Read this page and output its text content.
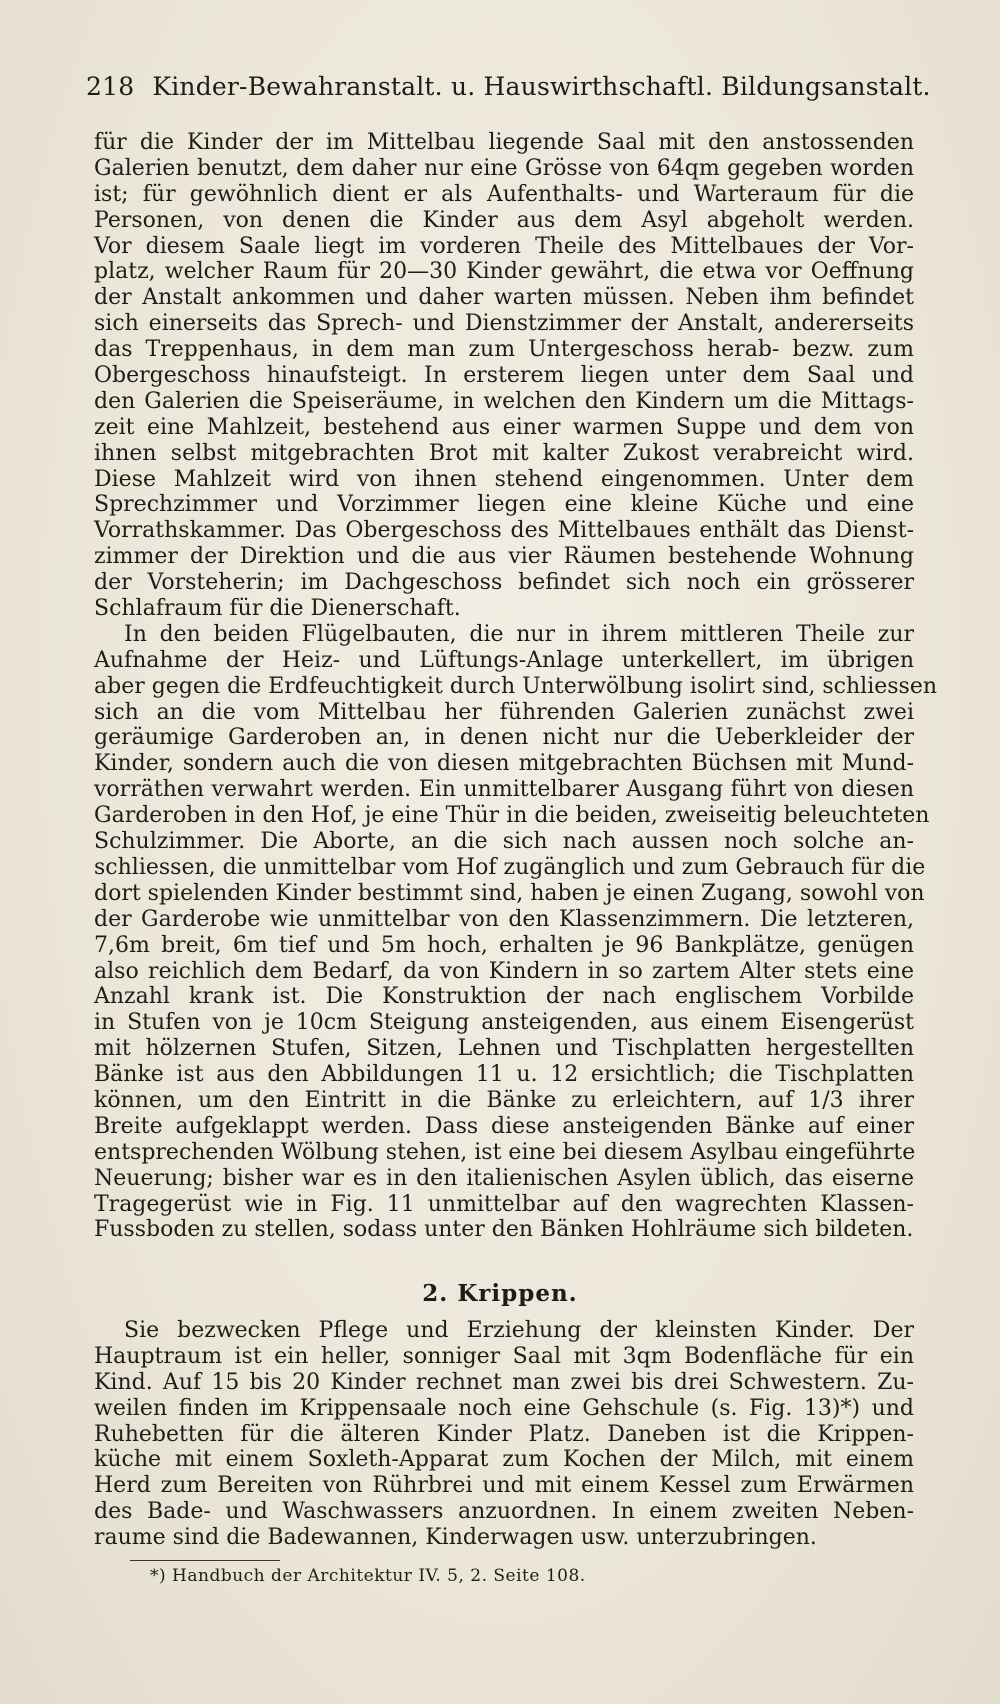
218 Kinder-Bewahranstalt. u. Hauswirthschaftl. Bildungsanstalt.
für die Kinder der im Mittelbau liegende Saal mit den anstossenden
Galerien benutzt, dem daher nur eine Grösse von 64qm gegeben worden
ist; für gewöhnlich dient er als Aufenthalts- und Warteraum für die
Personen, von denen die Kinder aus dem Asyl abgeholt werden.
Vor diesem Saale liegt im vorderen Theile des Mittelbaues der Vor-
platz, welcher Raum für 20—30 Kinder gewährt, die etwa vor Oeffnung
der Anstalt ankommen und daher warten müssen. Neben ihm befindet
sich einerseits das Sprech- und Dienstzimmer der Anstalt, andererseits
das Treppenhaus, in dem man zum Untergeschoss herab- bezw. zum
Obergeschoss hinaufsteigt. In ersterem liegen unter dem Saal und
den Galerien die Speiseräume, in welchen den Kindern um die Mittags-
zeit eine Mahlzeit, bestehend aus einer warmen Suppe und dem von
ihnen selbst mitgebrachten Brot mit kalter Zukost verabreicht wird.
Diese Mahlzeit wird von ihnen stehend eingenommen. Unter dem
Sprechzimmer und Vorzimmer liegen eine kleine Küche und eine
Vorrathskammer. Das Obergeschoss des Mittelbaues enthält das Dienst-
zimmer der Direktion und die aus vier Räumen bestehende Wohnung
der Vorsteherin; im Dachgeschoss befindet sich noch ein grösserer
Schlafraum für die Dienerschaft.
In den beiden Flügelbauten, die nur in ihrem mittleren Theile zur
Aufnahme der Heiz- und Lüftungs-Anlage unterkellert, im übrigen
aber gegen die Erdfeuchtigkeit durch Unterwölbung isolirt sind, schliessen
sich an die vom Mittelbau her führenden Galerien zunächst zwei
geräumige Garderoben an, in denen nicht nur die Ueberkleider der
Kinder, sondern auch die von diesen mitgebrachten Büchsen mit Mund-
vorräthen verwahrt werden. Ein unmittelbarer Ausgang führt von diesen
Garderoben in den Hof, je eine Thür in die beiden, zweiseitig beleuchteten
Schulzimmer. Die Aborte, an die sich nach aussen noch solche an-
schliessen, die unmittelbar vom Hof zugänglich und zum Gebrauch für die
dort spielenden Kinder bestimmt sind, haben je einen Zugang, sowohl von
der Garderobe wie unmittelbar von den Klassenzimmern. Die letzteren,
7,6m breit, 6m tief und 5m hoch, erhalten je 96 Bankplätze, genügen
also reichlich dem Bedarf, da von Kindern in so zartem Alter stets eine
Anzahl krank ist. Die Konstruktion der nach englischem Vorbilde
in Stufen von je 10cm Steigung ansteigenden, aus einem Eisengerüst
mit hölzernen Stufen, Sitzen, Lehnen und Tischplatten hergestellten
Bänke ist aus den Abbildungen 11 u. 12 ersichtlich; die Tischplatten
können, um den Eintritt in die Bänke zu erleichtern, auf 1/3 ihrer
Breite aufgeklappt werden. Dass diese ansteigenden Bänke auf einer
entsprechenden Wölbung stehen, ist eine bei diesem Asylbau eingeführte
Neuerung; bisher war es in den italienischen Asylen üblich, das eiserne
Tragegerüst wie in Fig. 11 unmittelbar auf den wagrechten Klassen-
Fussboden zu stellen, sodass unter den Bänken Hohlräume sich bildeten.
2. Krippen.
Sie bezwecken Pflege und Erziehung der kleinsten Kinder. Der
Hauptraum ist ein heller, sonniger Saal mit 3qm Bodenfläche für ein
Kind. Auf 15 bis 20 Kinder rechnet man zwei bis drei Schwestern. Zu-
weilen finden im Krippensaale noch eine Gehschule (s. Fig. 13)*) und
Ruhebetten für die älteren Kinder Platz. Daneben ist die Krippen-
küche mit einem Soxleth-Apparat zum Kochen der Milch, mit einem
Herd zum Bereiten von Rührbrei und mit einem Kessel zum Erwärmen
des Bade- und Waschwassers anzuordnen. In einem zweiten Neben-
raume sind die Badewannen, Kinderwagen usw. unterzubringen.
*) Handbuch der Architektur IV. 5, 2. Seite 108.
